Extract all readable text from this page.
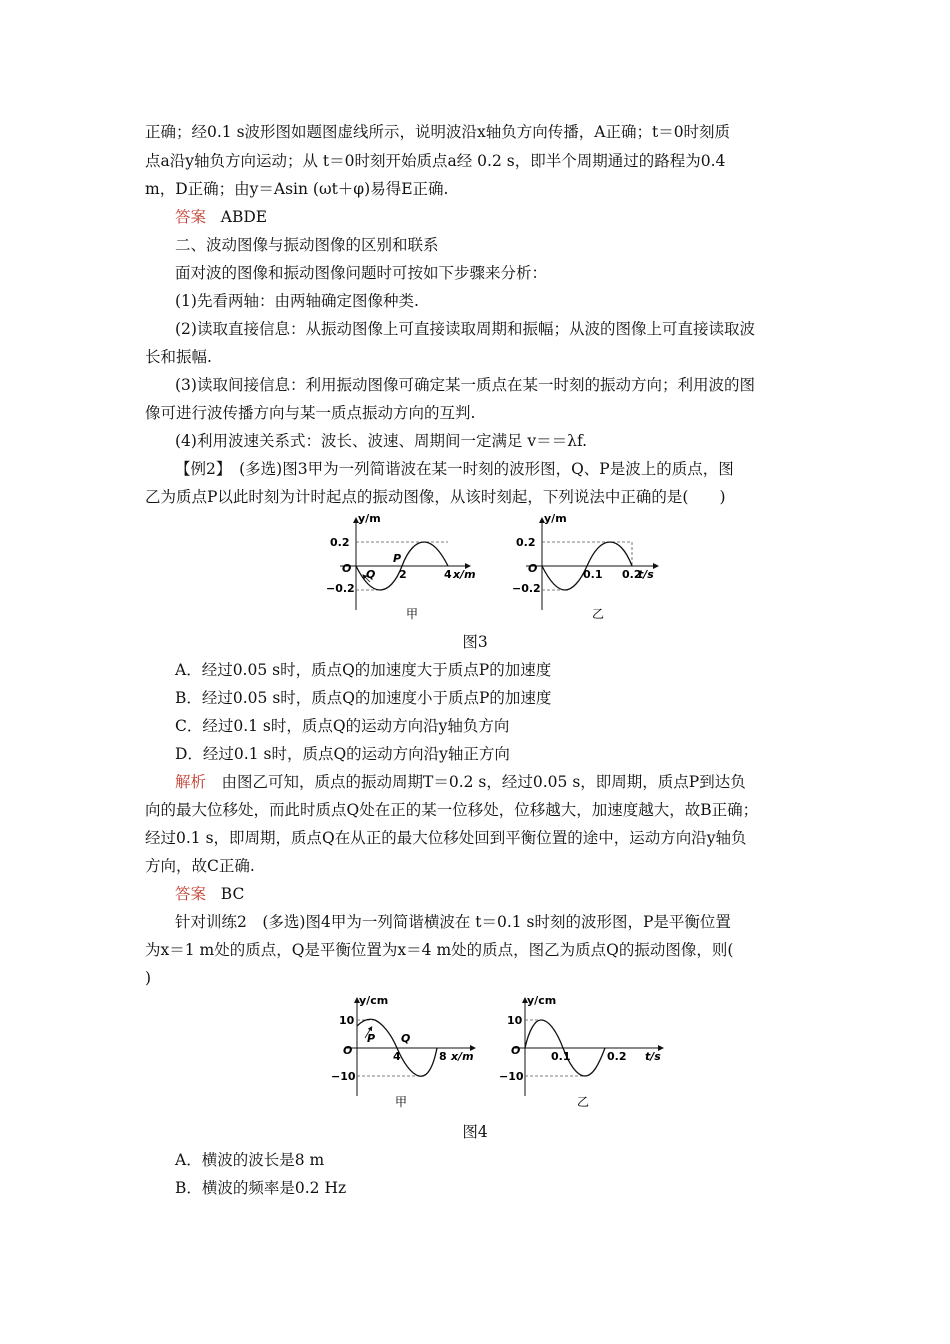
正确；经0.1 s波形图如题图虚线所示，说明波沿x轴负方向传播，A正确；t＝0时刻质
点a沿y轴负方向运动；从 t＝0时刻开始质点a经 0.2 s，即半个周期通过的路程为0.4
m，D正确；由y＝Asin (ωt＋φ)易得E正确.
答案 ABDE
二、波动图像与振动图像的区别和联系
面对波的图像和振动图像问题时可按如下步骤来分析：
(1)先看两轴：由两轴确定图像种类.
(2)读取直接信息：从振动图像上可直接读取周期和振幅；从波的图像上可直接读取波
长和振幅.
(3)读取间接信息：利用振动图像可确定某一质点在某一时刻的振动方向；利用波的图
像可进行波传播方向与某一质点振动方向的互判.
(4)利用波速关系式：波长、波速、周期间一定满足 v＝＝λf.
【例2】　(多选)图3甲为一列简谐波在某一时刻的波形图，Q、P是波上的质点，图
乙为质点P以此时刻为计时起点的振动图像，从该时刻起，下列说法中正确的是(　　)
y/m
x/m
O
0.2
−0.2
2	4
P
Q
甲
y/m
t/s
O
0.2
−0.2
0.1 0.2
乙
图3
A．经过0.05 s时，质点Q的加速度大于质点P的加速度
B．经过0.05 s时，质点Q的加速度小于质点P的加速度
C．经过0.1 s时，质点Q的运动方向沿y轴负方向
D．经过0.1 s时，质点Q的运动方向沿y轴正方向
解析　由图乙可知，质点的振动周期T＝0.2 s，经过0.05 s，即周期，质点P到达负
向的最大位移处，而此时质点Q处在正的某一位移处，位移越大，加速度越大，故B正确；
经过0.1 s，即周期，质点Q在从正的最大位移处回到平衡位置的途中，运动方向沿y轴负
方向，故C正确.
答案 BC
针对训练2　(多选)图4甲为一列简谐横波在 t＝0.1 s时刻的波形图，P是平衡位置
为x＝1 m处的质点，Q是平衡位置为x＝4 m处的质点，图乙为质点Q的振动图像，则(
)
y/cm
x/m
O
10
−10
4	8
P Q
甲
y/cm
t/s
O
10
−10
0.1	0.2
乙
图4
A．横波的波长是8 m
B．横波的频率是0.2 Hz
